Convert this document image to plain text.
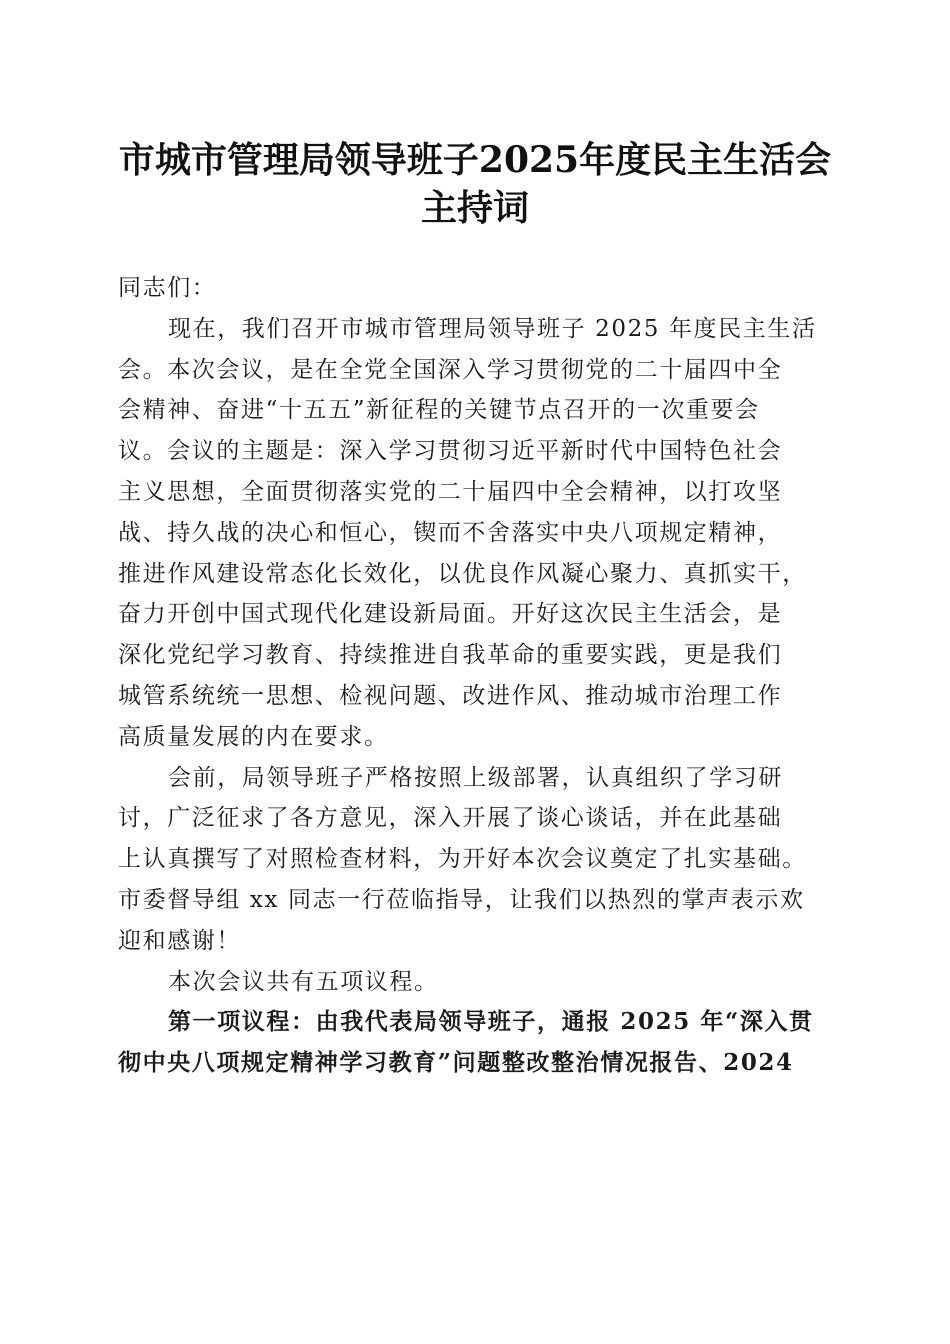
市城市管理局领导班子2025年度民主生活会
主持词
同志们：
现在，我们召开市城市管理局领导班子 2025 年度民主生活
会。本次会议，是在全党全国深入学习贯彻党的二十届四中全
会精神、奋进“十五五”新征程的关键节点召开的一次重要会
议。会议的主题是：深入学习贯彻习近平新时代中国特色社会
主义思想，全面贯彻落实党的二十届四中全会精神，以打攻坚
战、持久战的决心和恒心，锲而不舍落实中央八项规定精神，
推进作风建设常态化长效化，以优良作风凝心聚力、真抓实干，
奋力开创中国式现代化建设新局面。开好这次民主生活会，是
深化党纪学习教育、持续推进自我革命的重要实践，更是我们
城管系统统一思想、检视问题、改进作风、推动城市治理工作
高质量发展的内在要求。
会前，局领导班子严格按照上级部署，认真组织了学习研
讨，广泛征求了各方意见，深入开展了谈心谈话，并在此基础
上认真撰写了对照检查材料，为开好本次会议奠定了扎实基础。
市委督导组 xx 同志一行莅临指导，让我们以热烈的掌声表示欢
迎和感谢！
本次会议共有五项议程。
第一项议程：由我代表局领导班子，通报 2025 年“深入贯
彻中央八项规定精神学习教育”问题整改整治情况报告、2024
